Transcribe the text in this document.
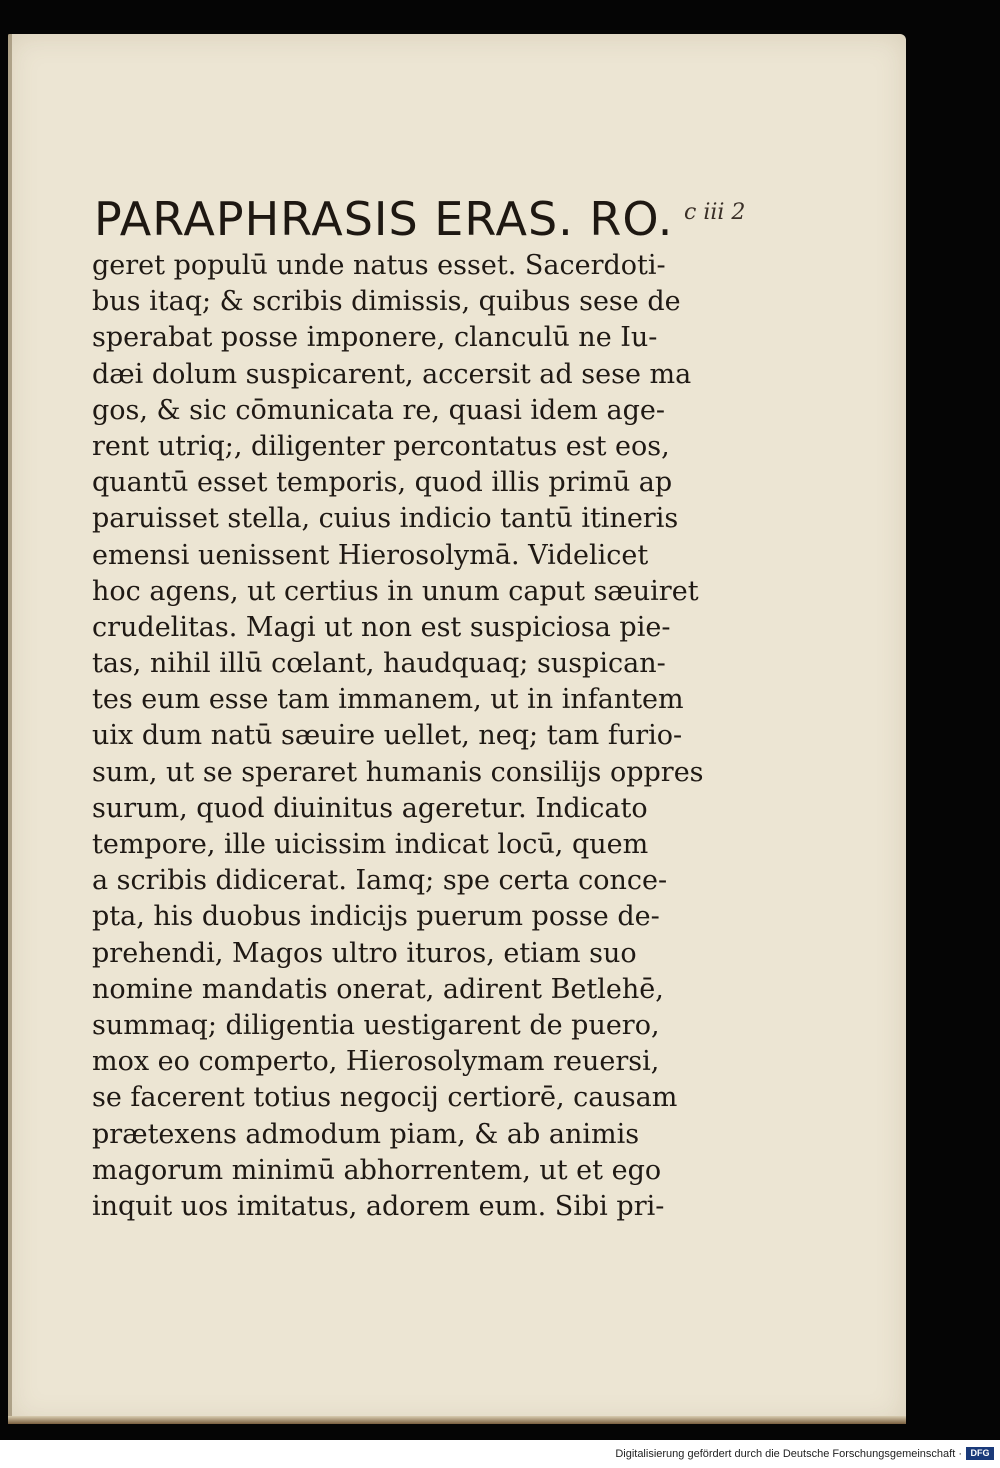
PARAPHRASIS ERAS. RO. c iii 2
geret populū unde natus esset. Sacerdoti-
bus itaq; & scribis dimissis, quibus sese de
sperabat posse imponere, clanculū ne Iu-
dæi dolum suspicarent, accersit ad sese ma
gos, & sic cōmunicata re, quasi idem age-
rent utriq;, diligenter percontatus est eos,
quantū esset temporis, quod illis primū ap
paruisset stella, cuius indicio tantū itineris
emensi uenissent Hierosolymā. Videlicet
hoc agens, ut certius in unum caput sæuiret
crudelitas. Magi ut non est suspiciosa pie-
tas, nihil illū cœlant, haudquaq; suspican-
tes eum esse tam immanem, ut in infantem
uix dum natū sæuire uellet, neq; tam furio-
sum, ut se speraret humanis consilijs oppres
surum, quod diuinitus ageretur. Indicato
tempore, ille uicissim indicat locū, quem
a scribis didicerat. Iamq; spe certa conce-
pta, his duobus indicijs puerum posse de-
prehendi, Magos ultro ituros, etiam suo
nomine mandatis onerat, adirent Betlehē,
summaq; diligentia uestigarent de puero,
mox eo comperto, Hierosolymam reuersi,
se facerent totius negocij certiorē, causam
prætexens admodum piam, & ab animis
magorum minimū abhorrentem, ut et ego
inquit uos imitatus, adorem eum. Sibi pri-
Digitalisierung gefördert durch die Deutsche Forschungsgemeinschaft · DFG
